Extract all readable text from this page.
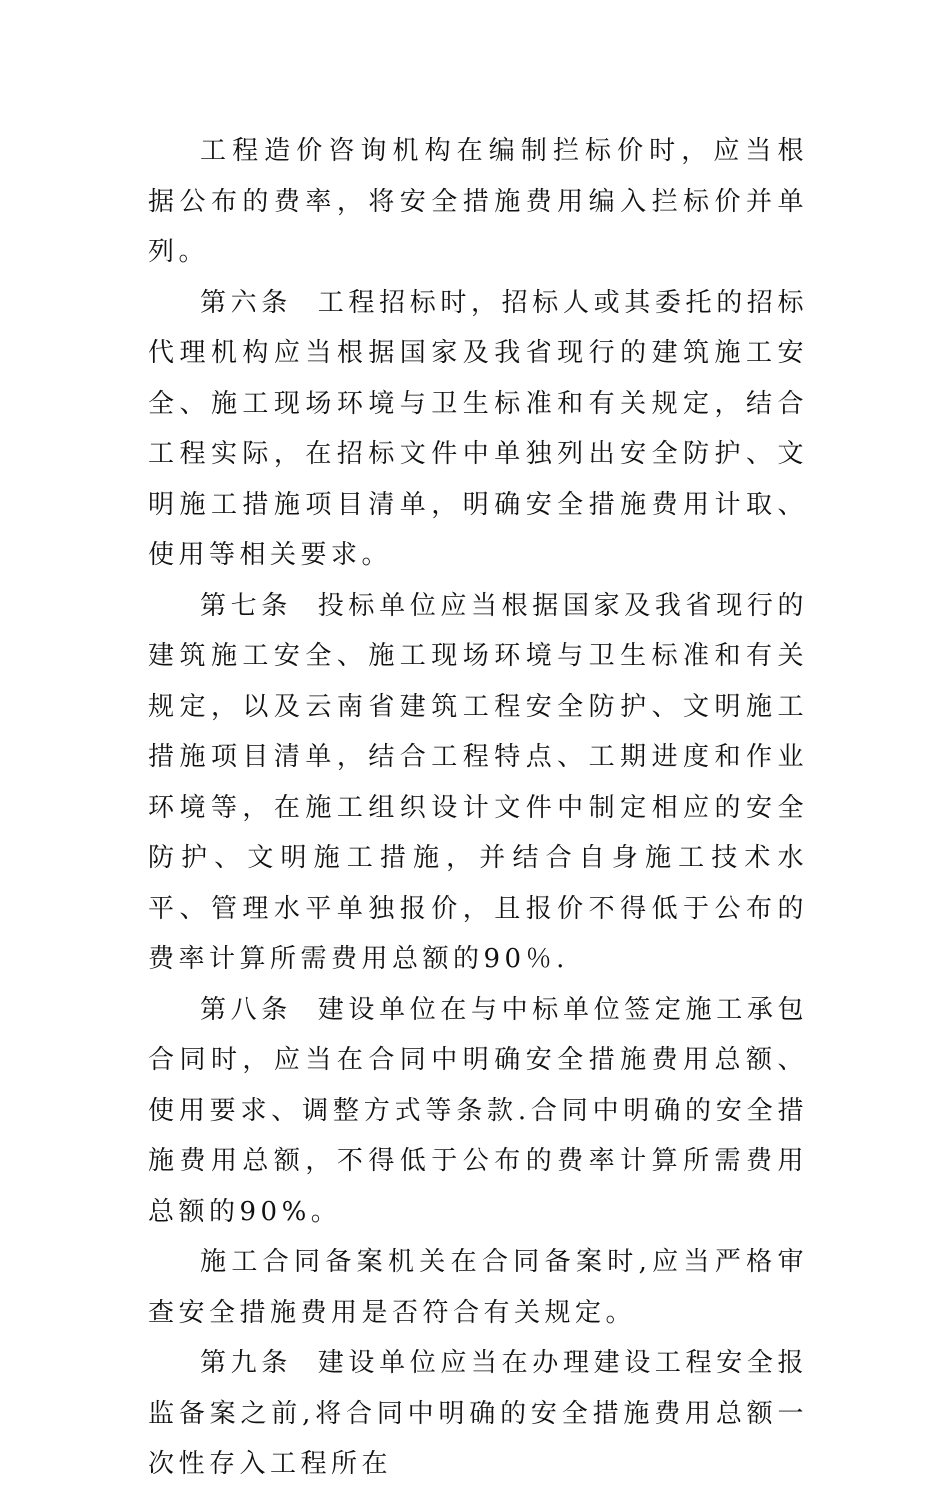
工程造价咨询机构在编制拦标价时，应当根据公布的费率，将安全措施费用编入拦标价并单列。

第六条  工程招标时，招标人或其委托的招标代理机构应当根据国家及我省现行的建筑施工安全、施工现场环境与卫生标准和有关规定，结合工程实际，在招标文件中单独列出安全防护、文明施工措施项目清单，明确安全措施费用计取、使用等相关要求。

第七条  投标单位应当根据国家及我省现行的建筑施工安全、施工现场环境与卫生标准和有关规定，以及云南省建筑工程安全防护、文明施工措施项目清单，结合工程特点、工期进度和作业环境等，在施工组织设计文件中制定相应的安全防护、文明施工措施，并结合自身施工技术水平、管理水平单独报价，且报价不得低于公布的费率计算所需费用总额的90％.

第八条  建设单位在与中标单位签定施工承包合同时，应当在合同中明确安全措施费用总额、使用要求、调整方式等条款.合同中明确的安全措施费用总额，不得低于公布的费率计算所需费用总额的90%。

施工合同备案机关在合同备案时,应当严格审查安全措施费用是否符合有关规定。

第九条  建设单位应当在办理建设工程安全报监备案之前,将合同中明确的安全措施费用总额一次性存入工程所在
